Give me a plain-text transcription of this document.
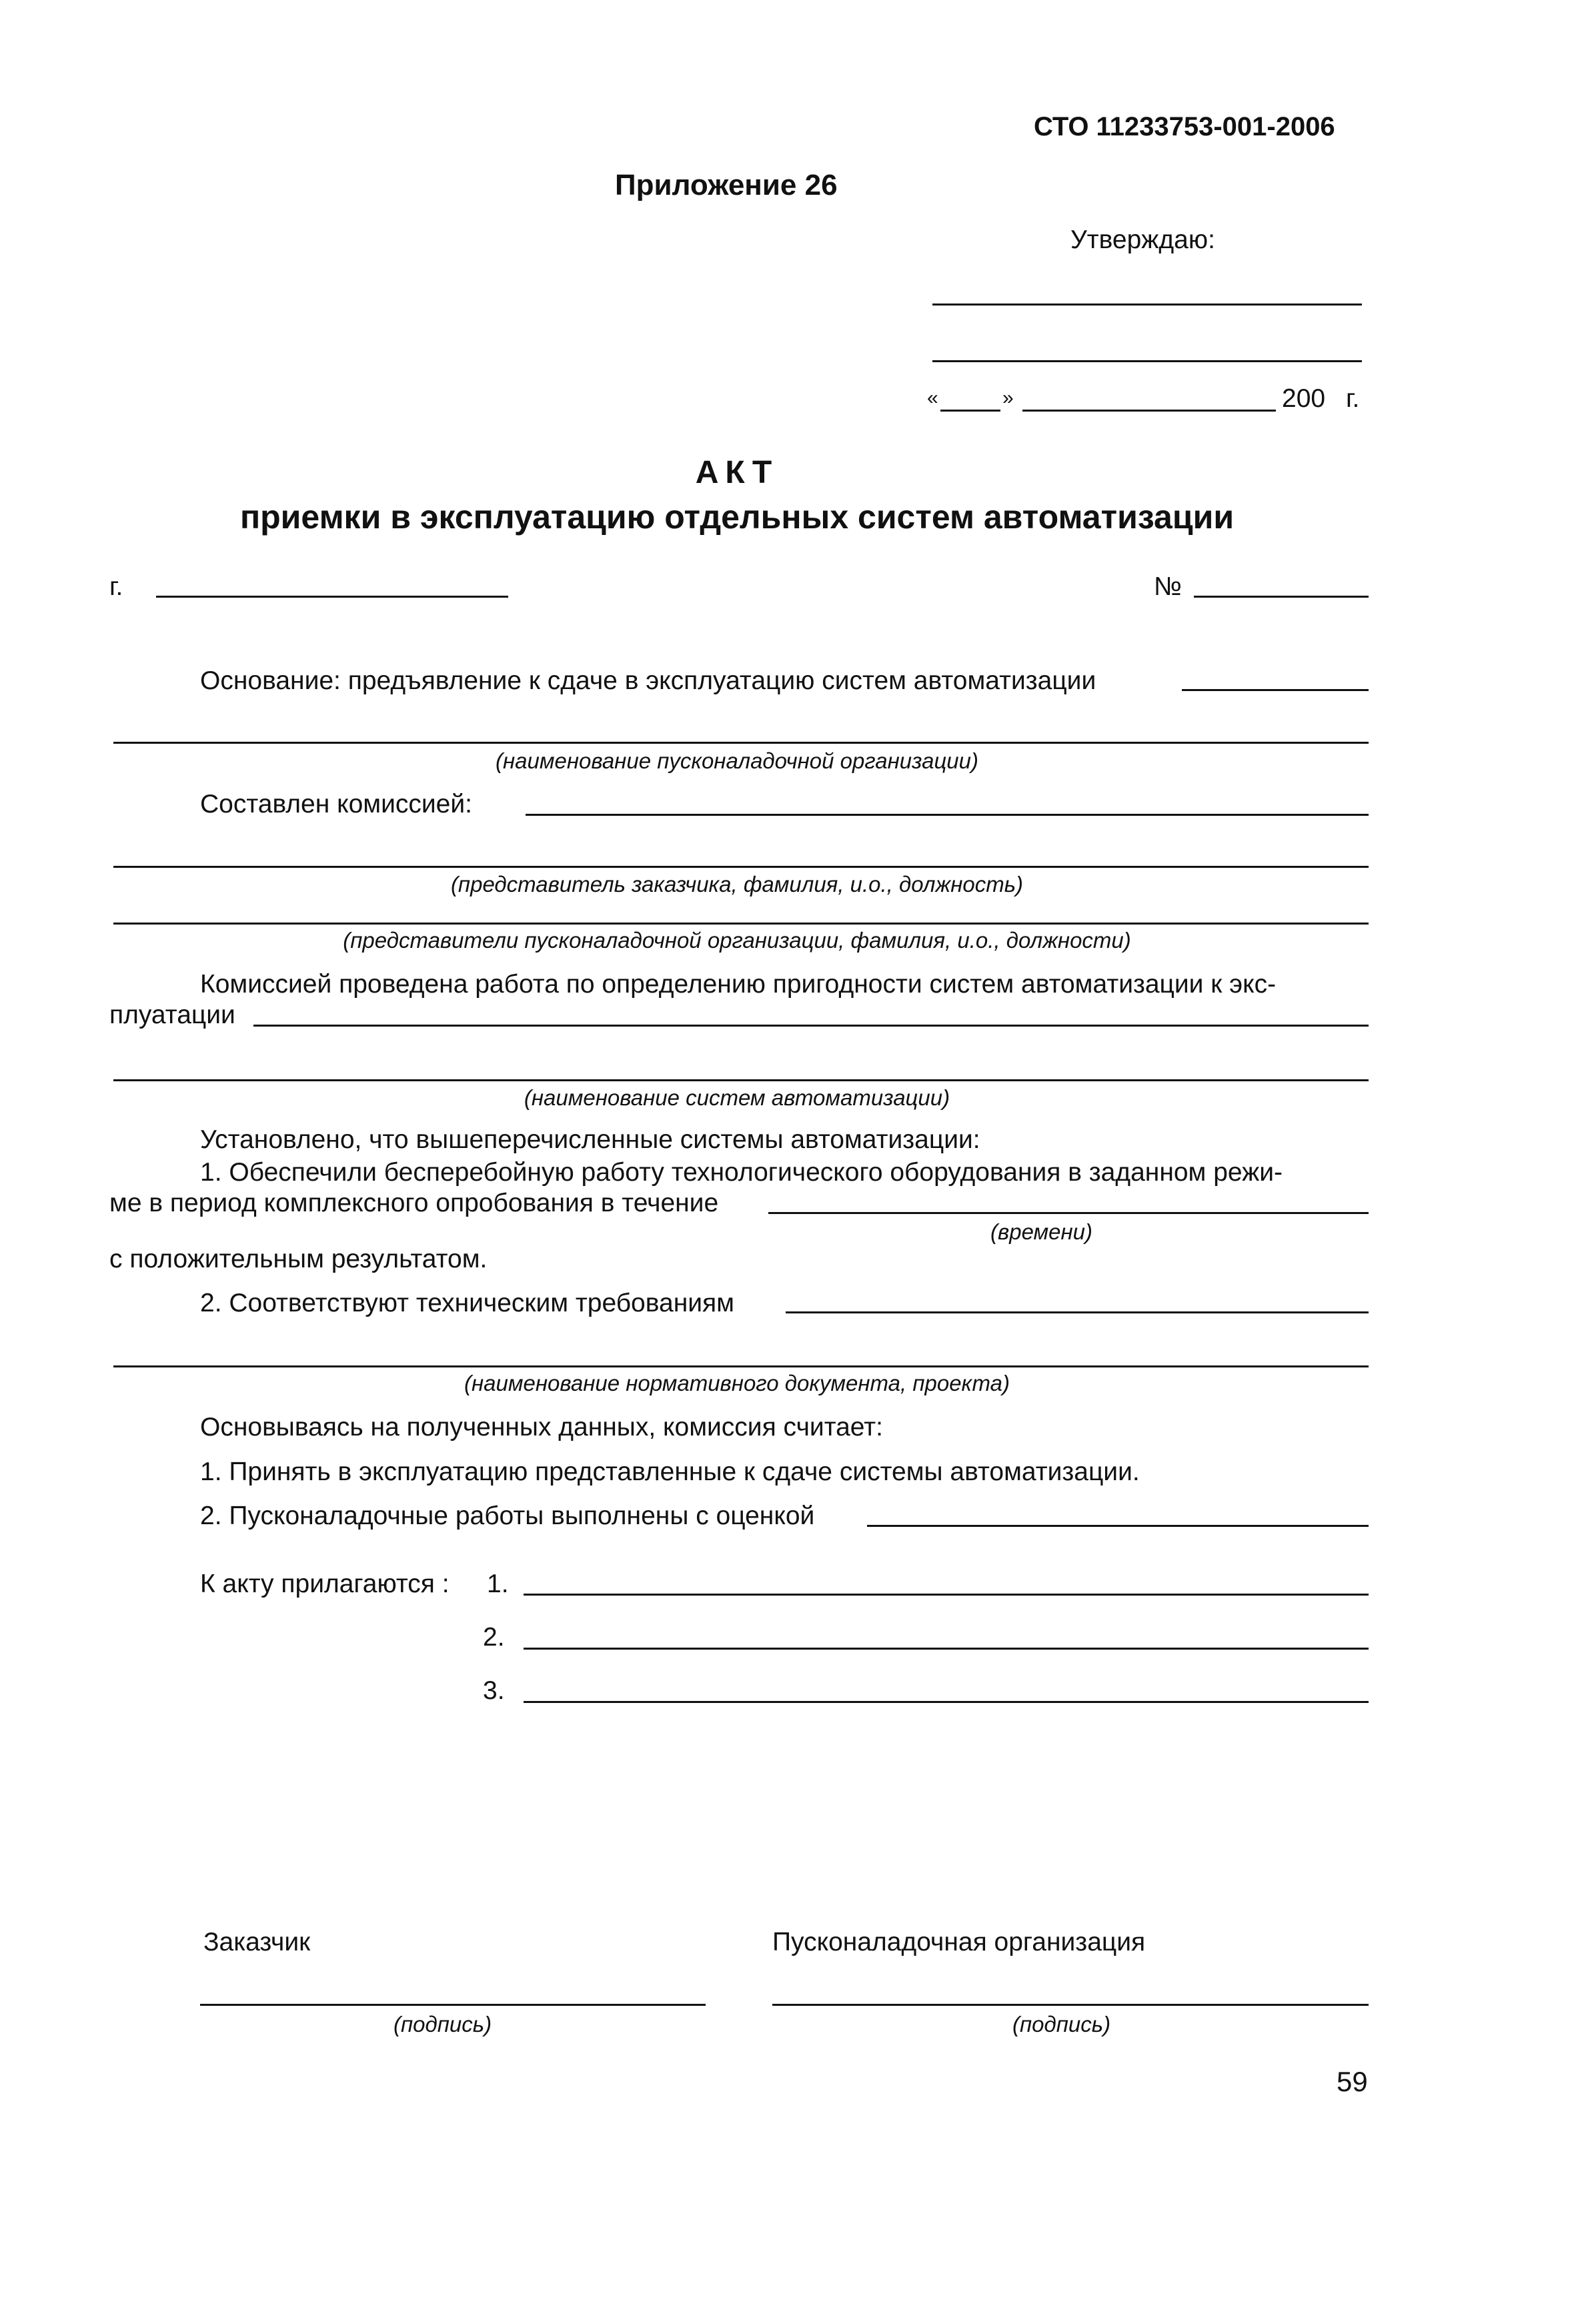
СТО 11233753-001-2006
Приложение 26
Утверждаю:
«	»	200 г.
АКТ
приемки в эксплуатацию отдельных систем автоматизации
г.	№
Основание: предъявление к сдаче в эксплуатацию систем автоматизации
(наименование пусконаладочной организации)
Составлен комиссией:
(представитель заказчика, фамилия, и.о., должность)
(представители пусконаладочной организации, фамилия, и.о., должности)
Комиссией проведена работа по определению пригодности систем автоматизации к экс-
плуатации
(наименование систем автоматизации)
Установлено, что вышеперечисленные системы автоматизации:
1. Обеспечили бесперебойную работу технологического оборудования в заданном режи-
ме в период комплексного опробования в течение
(времени)
с положительным результатом.
2. Соответствуют техническим требованиям
(наименование нормативного документа, проекта)
Основываясь на полученных данных, комиссия считает:
1. Принять в эксплуатацию представленные к сдаче системы автоматизации.
2. Пусконаладочные работы выполнены с оценкой
К акту прилагаются : 1.
2.
3.
Заказчик	Пусконаладочная организация
(подпись)	(подпись)
59
